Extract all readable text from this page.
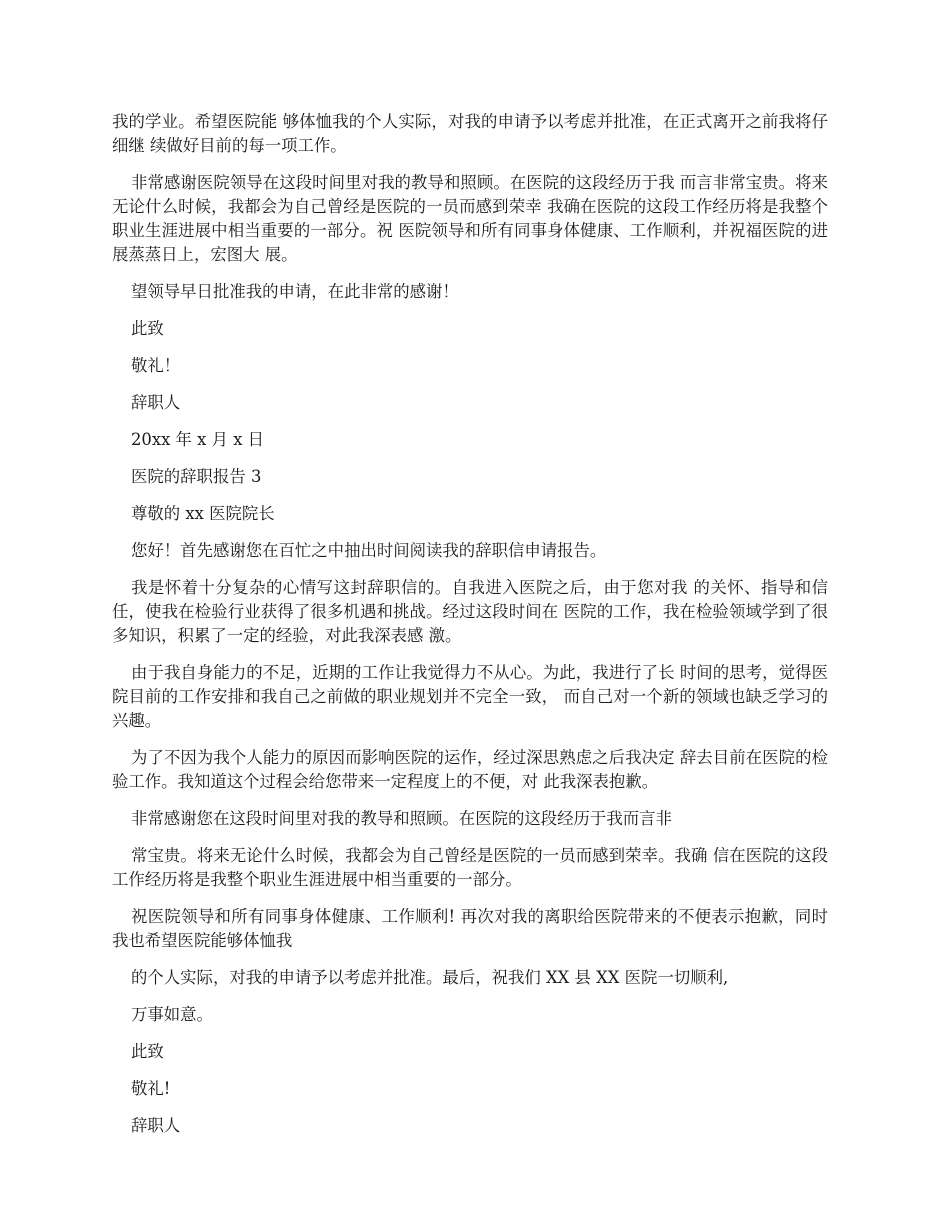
我的学业。希望医院能 够体恤我的个人实际，对我的申请予以考虑并批准，在正式离开之前我将仔细继 续做好目前的每一项工作。

非常感谢医院领导在这段时间里对我的教导和照顾。在医院的这段经历于我 而言非常宝贵。将来无论什么时候，我都会为自己曾经是医院的一员而感到荣幸 我确在医院的这段工作经历将是我整个职业生涯进展中相当重要的一部分。祝 医院领导和所有同事身体健康、工作顺利，并祝福医院的进展蒸蒸日上，宏图大 展。

望领导早日批准我的申请，在此非常的感谢！

此致

敬礼！

辞职人

20xx 年 x 月 x 日

医院的辞职报告 3

尊敬的 xx 医院院长

您好！首先感谢您在百忙之中抽出时间阅读我的辞职信申请报告。

我是怀着十分复杂的心情写这封辞职信的。自我进入医院之后，由于您对我 的关怀、指导和信任，使我在检验行业获得了很多机遇和挑战。经过这段时间在 医院的工作，我在检验领域学到了很多知识，积累了一定的经验，对此我深表感 激。

由于我自身能力的不足，近期的工作让我觉得力不从心。为此，我进行了长 时间的思考，觉得医院目前的工作安排和我自己之前做的职业规划并不完全一致， 而自己对一个新的领域也缺乏学习的兴趣。

为了不因为我个人能力的原因而影响医院的运作，经过深思熟虑之后我决定 辞去目前在医院的检验工作。我知道这个过程会给您带来一定程度上的不便，对 此我深表抱歉。

非常感谢您在这段时间里对我的教导和照顾。在医院的这段经历于我而言非

常宝贵。将来无论什么时候，我都会为自己曾经是医院的一员而感到荣幸。我确 信在医院的这段工作经历将是我整个职业生涯进展中相当重要的一部分。

祝医院领导和所有同事身体健康、工作顺利! 再次对我的离职给医院带来的不便表示抱歉，同时我也希望医院能够体恤我

的个人实际，对我的申请予以考虑并批准。最后，祝我们 XX 县 XX 医院一切顺利,

万事如意。

此致

敬礼!

辞职人
